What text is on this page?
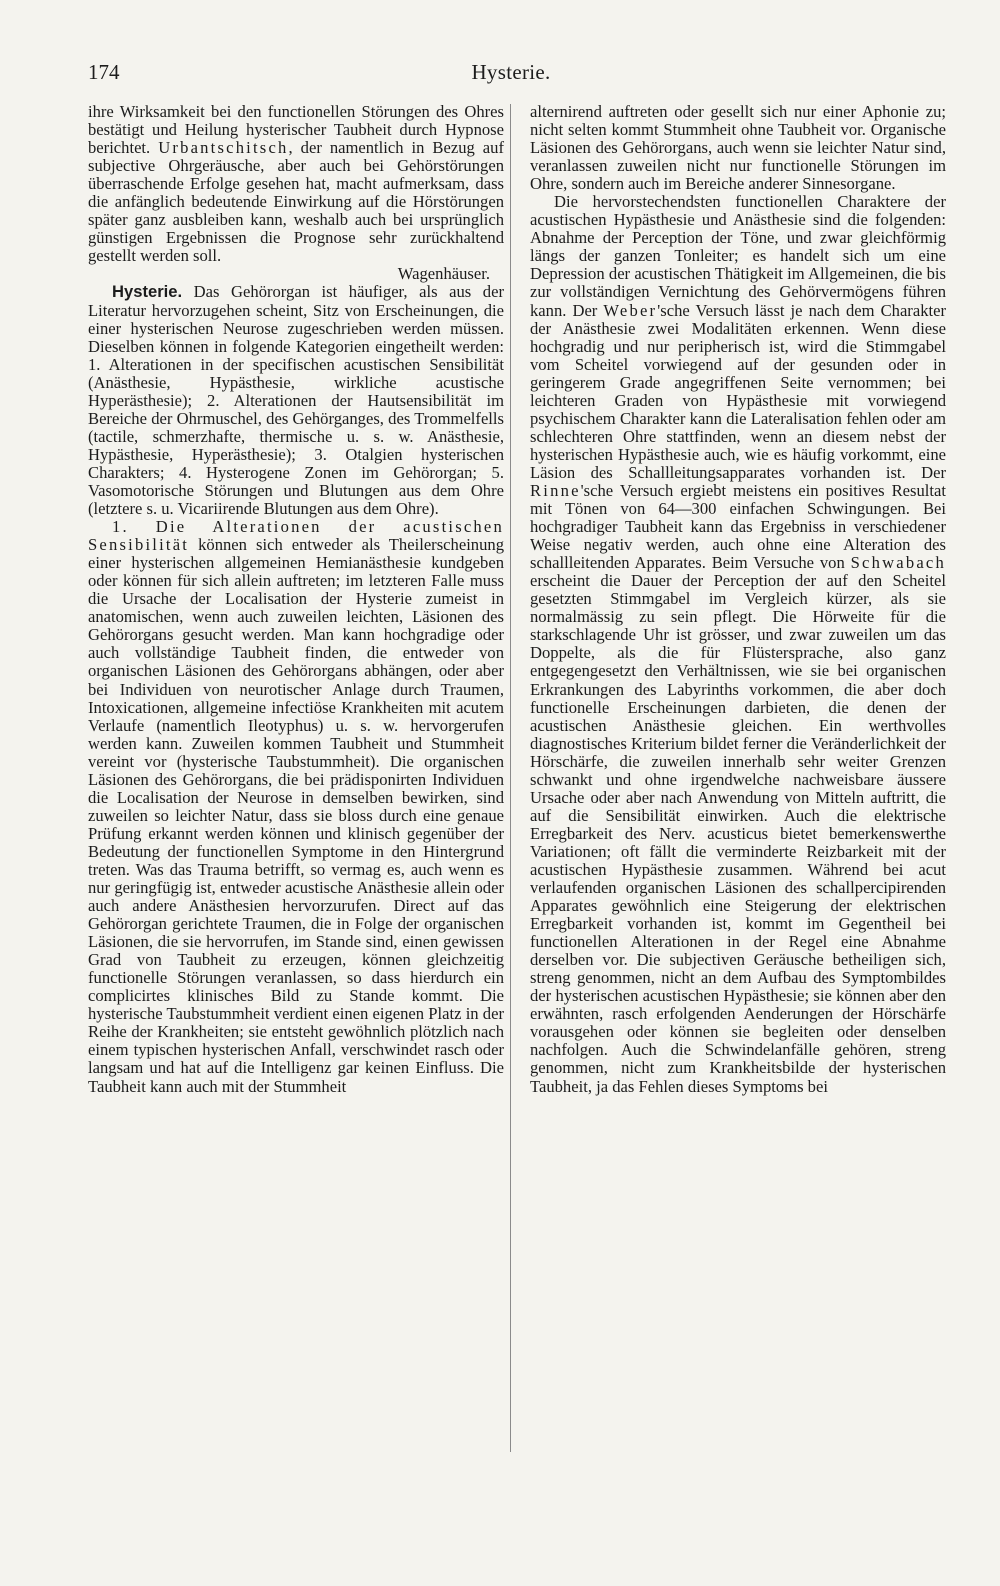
174	Hysterie.

ihre Wirksamkeit bei den functionellen Störungen des Ohres bestätigt und Heilung hysterischer Taubheit durch Hypnose berichtet. Urbantschitsch, der namentlich in Bezug auf subjective Ohrgeräusche, aber auch bei Gehörstörungen überraschende Erfolge gesehen hat, macht aufmerksam, dass die anfänglich bedeutende Einwirkung auf die Hörstörungen später ganz ausbleiben kann, weshalb auch bei ursprünglich günstigen Ergebnissen die Prognose sehr zurückhaltend gestellt werden soll.

Wagenhäuser.

Hysterie. Das Gehörorgan ist häufiger, als aus der Literatur hervorzugehen scheint, Sitz von Erscheinungen, die einer hysterischen Neurose zugeschrieben werden müssen. Dieselben können in folgende Kategorien eingetheilt werden: 1. Alterationen in der specifischen acustischen Sensibilität (Anästhesie, Hypästhesie, wirkliche acustische Hyperästhesie); 2. Alterationen der Hautsensibilität im Bereiche der Ohrmuschel, des Gehörganges, des Trommelfells (tactile, schmerzhafte, thermische u. s. w. Anästhesie, Hypästhesie, Hyperästhesie); 3. Otalgien hysterischen Charakters; 4. Hysterogene Zonen im Gehörorgan; 5. Vasomotorische Störungen und Blutungen aus dem Ohre (letztere s. u. Vicariirende Blutungen aus dem Ohre).

1. Die Alterationen der acustischen Sensibilität können sich entweder als Theilerscheinung einer hysterischen allgemeinen Hemianästhesie kundgeben oder können für sich allein auftreten; im letzteren Falle muss die Ursache der Localisation der Hysterie zumeist in anatomischen, wenn auch zuweilen leichten, Läsionen des Gehörorgans gesucht werden. Man kann hochgradige oder auch vollständige Taubheit finden, die entweder von organischen Läsionen des Gehörorgans abhängen, oder aber bei Individuen von neurotischer Anlage durch Traumen, Intoxicationen, allgemeine infectiöse Krankheiten mit acutem Verlaufe (namentlich Ileotyphus) u. s. w. hervorgerufen werden kann. Zuweilen kommen Taubheit und Stummheit vereint vor (hysterische Taubstummheit). Die organischen Läsionen des Gehörorgans, die bei prädisponirten Individuen die Localisation der Neurose in demselben bewirken, sind zuweilen so leichter Natur, dass sie bloss durch eine genaue Prüfung erkannt werden können und klinisch gegenüber der Bedeutung der functionellen Symptome in den Hintergrund treten. Was das Trauma betrifft, so vermag es, auch wenn es nur geringfügig ist, entweder acustische Anästhesie allein oder auch andere Anästhesien hervorzurufen. Direct auf das Gehörorgan gerichtete Traumen, die in Folge der organischen Läsionen, die sie hervorrufen, im Stande sind, einen gewissen Grad von Taubheit zu erzeugen, können gleichzeitig functionelle Störungen veranlassen, so dass hierdurch ein complicirtes klinisches Bild zu Stande kommt. Die hysterische Taubstummheit verdient einen eigenen Platz in der Reihe der Krankheiten; sie entsteht gewöhnlich plötzlich nach einem typischen hysterischen Anfall, verschwindet rasch oder langsam und hat auf die Intelligenz gar keinen Einfluss. Die Taubheit kann auch mit der Stummheit

alternirend auftreten oder gesellt sich nur einer Aphonie zu; nicht selten kommt Stummheit ohne Taubheit vor. Organische Läsionen des Gehörorgans, auch wenn sie leichter Natur sind, veranlassen zuweilen nicht nur functionelle Störungen im Ohre, sondern auch im Bereiche anderer Sinnesorgane.

Die hervorstechendsten functionellen Charaktere der acustischen Hypästhesie und Anästhesie sind die folgenden: Abnahme der Perception der Töne, und zwar gleichförmig längs der ganzen Tonleiter; es handelt sich um eine Depression der acustischen Thätigkeit im Allgemeinen, die bis zur vollständigen Vernichtung des Gehörvermögens führen kann. Der Weber'sche Versuch lässt je nach dem Charakter der Anästhesie zwei Modalitäten erkennen. Wenn diese hochgradig und nur peripherisch ist, wird die Stimmgabel vom Scheitel vorwiegend auf der gesunden oder in geringerem Grade angegriffenen Seite vernommen; bei leichteren Graden von Hypästhesie mit vorwiegend psychischem Charakter kann die Lateralisation fehlen oder am schlechteren Ohre stattfinden, wenn an diesem nebst der hysterischen Hypästhesie auch, wie es häufig vorkommt, eine Läsion des Schallleitungsapparates vorhanden ist. Der Rinne'sche Versuch ergiebt meistens ein positives Resultat mit Tönen von 64—300 einfachen Schwingungen. Bei hochgradiger Taubheit kann das Ergebniss in verschiedener Weise negativ werden, auch ohne eine Alteration des schallleitenden Apparates. Beim Versuche von Schwabach erscheint die Dauer der Perception der auf den Scheitel gesetzten Stimmgabel im Vergleich kürzer, als sie normalmässig zu sein pflegt. Die Hörweite für die starkschlagende Uhr ist grösser, und zwar zuweilen um das Doppelte, als die für Flüstersprache, also ganz entgegengesetzt den Verhältnissen, wie sie bei organischen Erkrankungen des Labyrinths vorkommen, die aber doch functionelle Erscheinungen darbieten, die denen der acustischen Anästhesie gleichen. Ein werthvolles diagnostisches Kriterium bildet ferner die Veränderlichkeit der Hörschärfe, die zuweilen innerhalb sehr weiter Grenzen schwankt und ohne irgendwelche nachweisbare äussere Ursache oder aber nach Anwendung von Mitteln auftritt, die auf die Sensibilität einwirken. Auch die elektrische Erregbarkeit des Nerv. acusticus bietet bemerkenswerthe Variationen; oft fällt die verminderte Reizbarkeit mit der acustischen Hypästhesie zusammen. Während bei acut verlaufenden organischen Läsionen des schallpercipirenden Apparates gewöhnlich eine Steigerung der elektrischen Erregbarkeit vorhanden ist, kommt im Gegentheil bei functionellen Alterationen in der Regel eine Abnahme derselben vor. Die subjectiven Geräusche betheiligen sich, streng genommen, nicht an dem Aufbau des Symptombildes der hysterischen acustischen Hypästhesie; sie können aber den erwähnten, rasch erfolgenden Aenderungen der Hörschärfe vorausgehen oder können sie begleiten oder denselben nachfolgen. Auch die Schwindelanfälle gehören, streng genommen, nicht zum Krankheitsbilde der hysterischen Taubheit, ja das Fehlen dieses Symptoms bei
